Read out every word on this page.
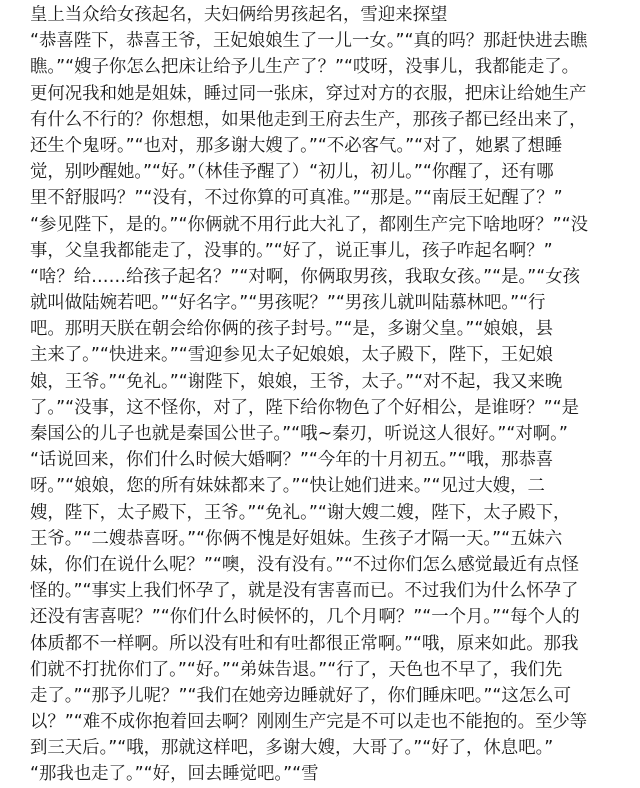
皇上当众给女孩起名，夫妇俩给男孩起名，雪迎来探望
“恭喜陛下，恭喜王爷，王妃娘娘生了一儿一女。”“真的吗？那赶快进去瞧
瞧。”“嫂子你怎么把床让给予儿生产了？”“哎呀，没事儿，我都能走了。
更何况我和她是姐妹，睡过同一张床，穿过对方的衣服，把床让给她生产
有什么不行的？你想想，如果他走到王府去生产，那孩子都已经出来了，
还生个鬼呀。”“也对，那多谢大嫂了。”“不必客气。”“对了，她累了想睡
觉，别吵醒她。”“好。”（林佳予醒了）“初儿，初儿。”“你醒了，还有哪
里不舒服吗？”“没有，不过你算的可真准。”“那是。”“南辰王妃醒了？”
“参见陛下，是的。”“你俩就不用行此大礼了，都刚生产完下啥地呀？”“没
事，父皇我都能走了，没事的。”“好了，说正事儿，孩子咋起名啊？”
“啥？给……给孩子起名？”“对啊，你俩取男孩，我取女孩。”“是。”“女孩
就叫做陆婉若吧。”“好名字。”“男孩呢？”“男孩儿就叫陆慕林吧。”“行
吧。那明天朕在朝会给你俩的孩子封号。”“是，多谢父皇。”“娘娘，县
主来了。”“快进来。”“雪迎参见太子妃娘娘，太子殿下，陛下，王妃娘
娘，王爷。”“免礼。”“谢陛下，娘娘，王爷，太子。”“对不起，我又来晚
了。”“没事，这不怪你，对了，陛下给你物色了个好相公，是谁呀？”“是
秦国公的儿子也就是秦国公世子。”“哦~秦刃，听说这人很好。”“对啊。”
“话说回来，你们什么时候大婚啊？”“今年的十月初五。”“哦，那恭喜
呀。”“娘娘，您的所有妹妹都来了。”“快让她们进来。”“见过大嫂，二
嫂，陛下，太子殿下，王爷。”“免礼。”“谢大嫂二嫂，陛下，太子殿下，
王爷。”“二嫂恭喜呀。”“你俩不愧是好姐妹。生孩子才隔一天。”“五妹六
妹，你们在说什么呢？”“噢，没有没有。”“不过你们怎么感觉最近有点怪
怪的。”“事实上我们怀孕了，就是没有害喜而已。不过我们为什么怀孕了
还没有害喜呢？”“你们什么时候怀的，几个月啊？”“一个月。”“每个人的
体质都不一样啊。所以没有吐和有吐都很正常啊。”“哦，原来如此。那我
们就不打扰你们了。”“好。”“弟妹告退。”“行了，天色也不早了，我们先
走了。”“那予儿呢？”“我们在她旁边睡就好了，你们睡床吧。”“这怎么可
以？”“难不成你抱着回去啊？刚刚生产完是不可以走也不能抱的。至少等
到三天后。”“哦，那就这样吧，多谢大嫂，大哥了。”“好了，休息吧。”
“那我也走了。”“好，回去睡觉吧。”“雪
